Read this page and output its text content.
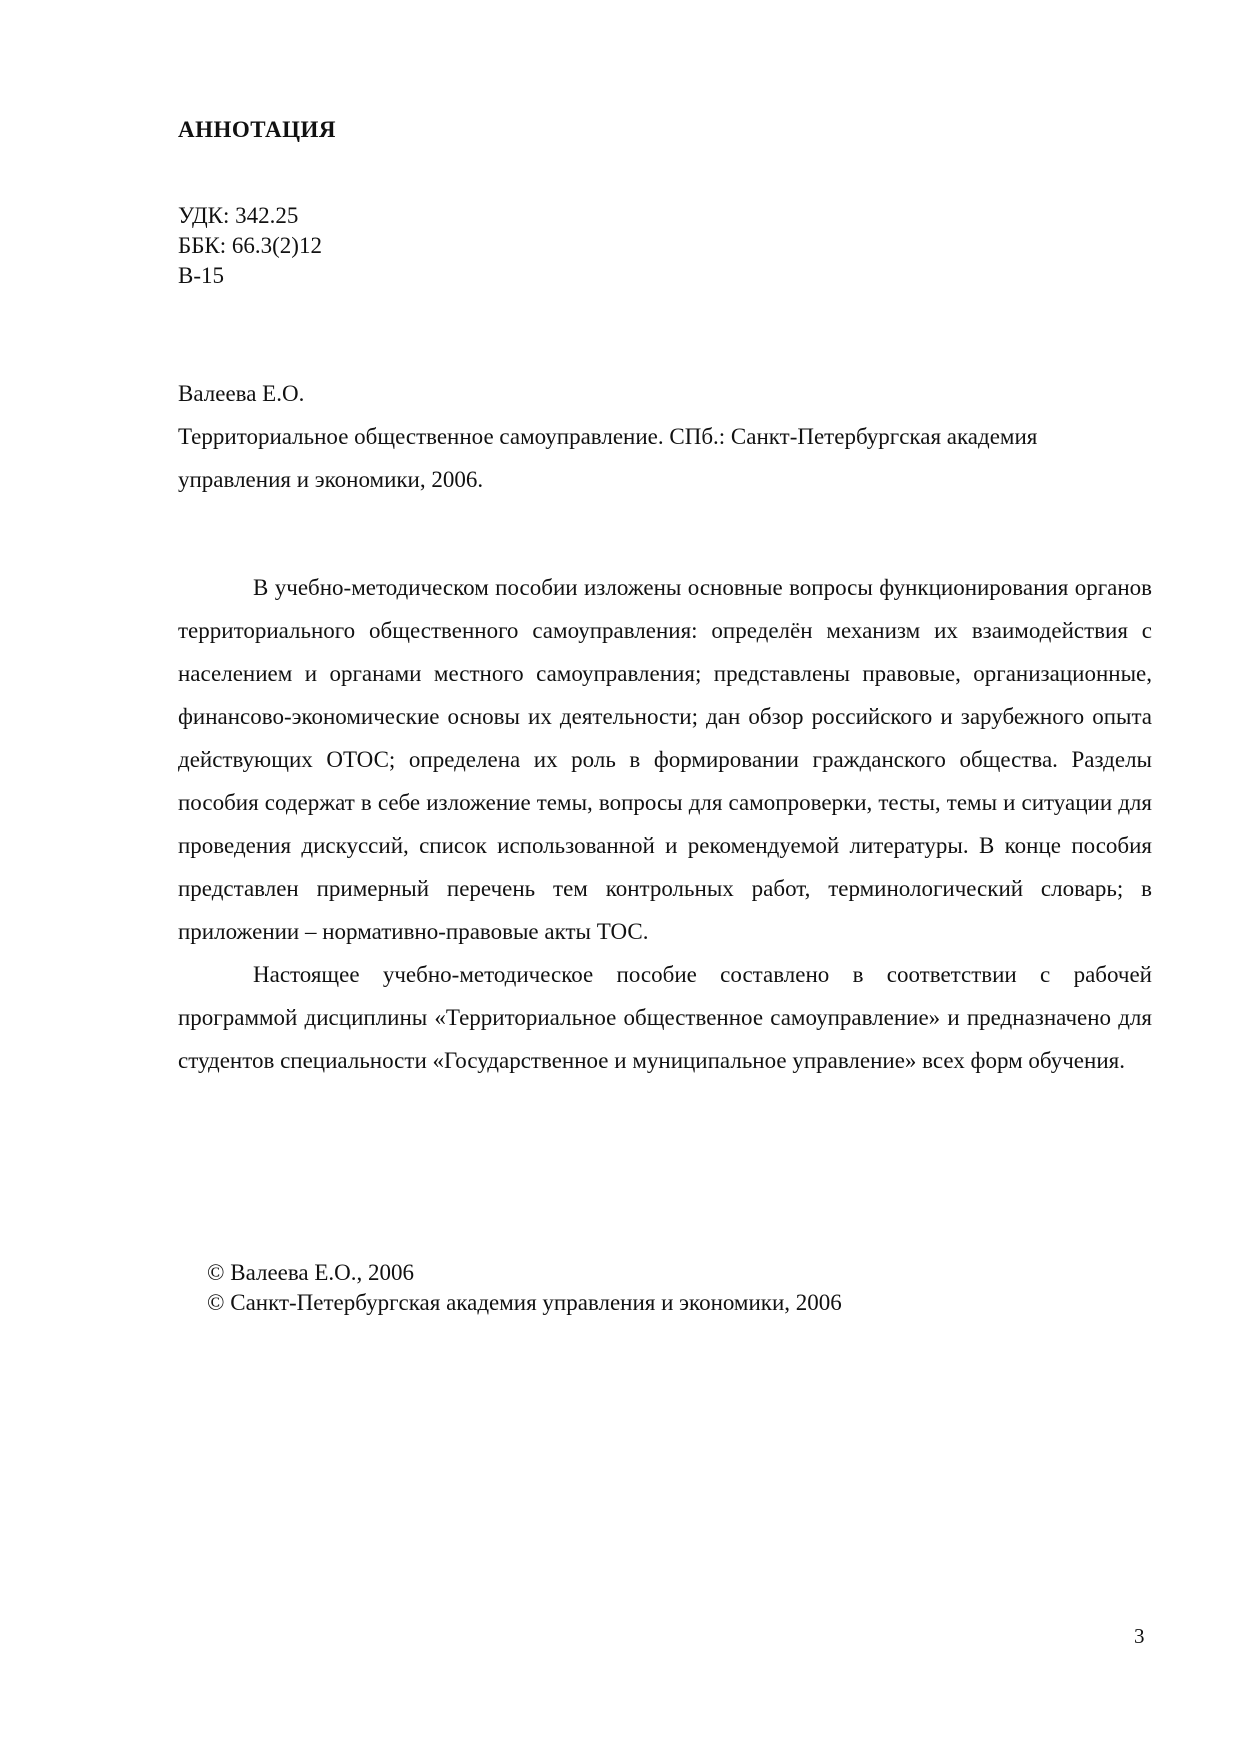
АННОТАЦИЯ
УДК: 342.25
ББК: 66.3(2)12
В-15
Валеева Е.О.
Территориальное общественное самоуправление. СПб.: Санкт-Петербургская академия
управления и экономики, 2006.

В учебно-методическом пособии изложены основные вопросы функционирования органов территориального общественного самоуправления: определён механизм их взаимодействия с населением и органами местного самоуправления; представлены правовые, организационные, финансово-экономические основы их деятельности; дан обзор российского и зарубежного опыта действующих ОТОС; определена их роль в формировании гражданского общества. Разделы пособия содержат в себе изложение темы, вопросы для самопроверки, тесты, темы и ситуации для проведения дискуссий, список использованной и рекомендуемой литературы. В конце пособия представлен примерный перечень тем контрольных работ, терминологический словарь; в приложении – нормативно-правовые акты ТОС.

Настоящее учебно-методическое пособие составлено в соответствии с рабочей программой дисциплины «Территориальное общественное самоуправление» и предназначено для студентов специальности «Государственное и муниципальное управление» всех форм обучения.

© Валеева Е.О., 2006
© Санкт-Петербургская академия управления и экономики, 2006
3
